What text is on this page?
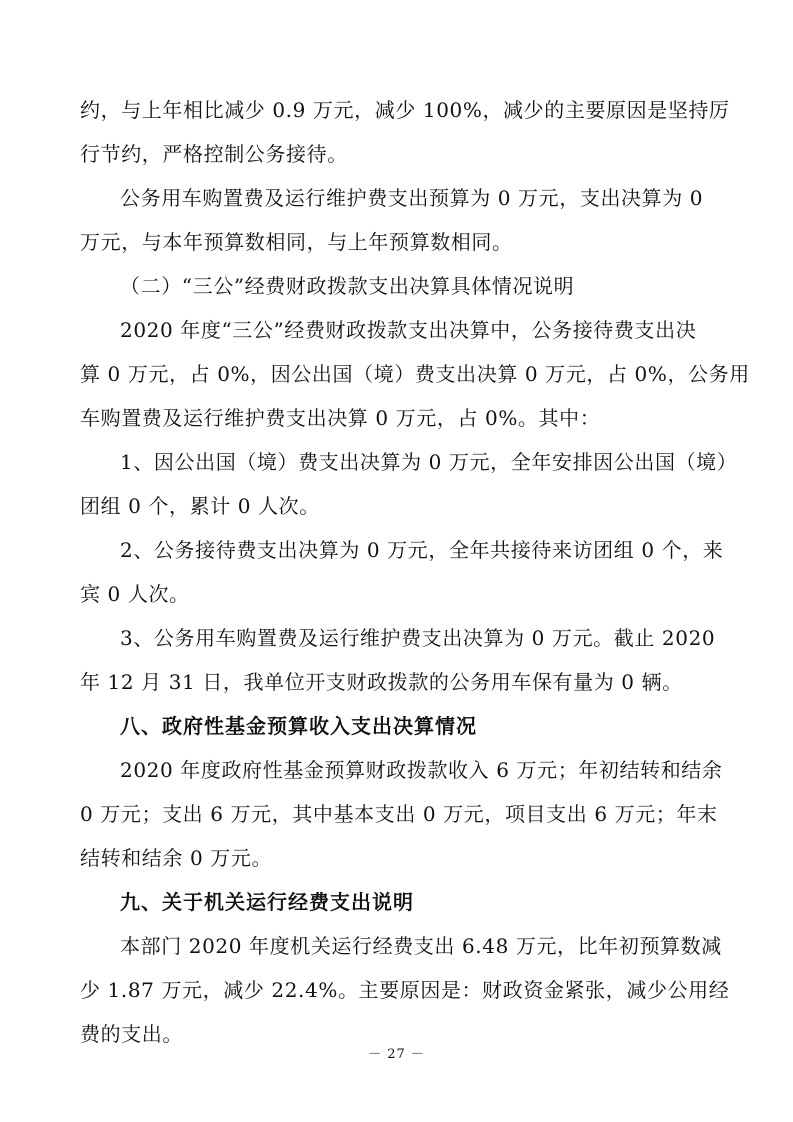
约，与上年相比减少 0.9 万元，减少 100%，减少的主要原因是坚持厉
行节约，严格控制公务接待。
公务用车购置费及运行维护费支出预算为 0 万元，支出决算为 0
万元，与本年预算数相同，与上年预算数相同。
（二）“三公”经费财政拨款支出决算具体情况说明
2020 年度“三公”经费财政拨款支出决算中，公务接待费支出决
算 0 万元，占 0%，因公出国（境）费支出决算 0 万元，占 0%，公务用
车购置费及运行维护费支出决算 0 万元，占 0%。其中：
1、因公出国（境）费支出决算为 0 万元，全年安排因公出国（境）
团组 0 个，累计 0 人次。
2、公务接待费支出决算为 0 万元，全年共接待来访团组 0 个，来
宾 0 人次。
3、公务用车购置费及运行维护费支出决算为 0 万元。截止 2020
年 12 月 31 日，我单位开支财政拨款的公务用车保有量为 0 辆。
八、政府性基金预算收入支出决算情况
2020 年度政府性基金预算财政拨款收入 6 万元；年初结转和结余
0 万元；支出 6 万元，其中基本支出 0 万元，项目支出 6 万元；年末
结转和结余 0 万元。
九、关于机关运行经费支出说明
本部门 2020 年度机关运行经费支出 6.48 万元，比年初预算数减
少 1.87 万元，减少 22.4%。主要原因是：财政资金紧张，减少公用经
费的支出。
－ 27 －
